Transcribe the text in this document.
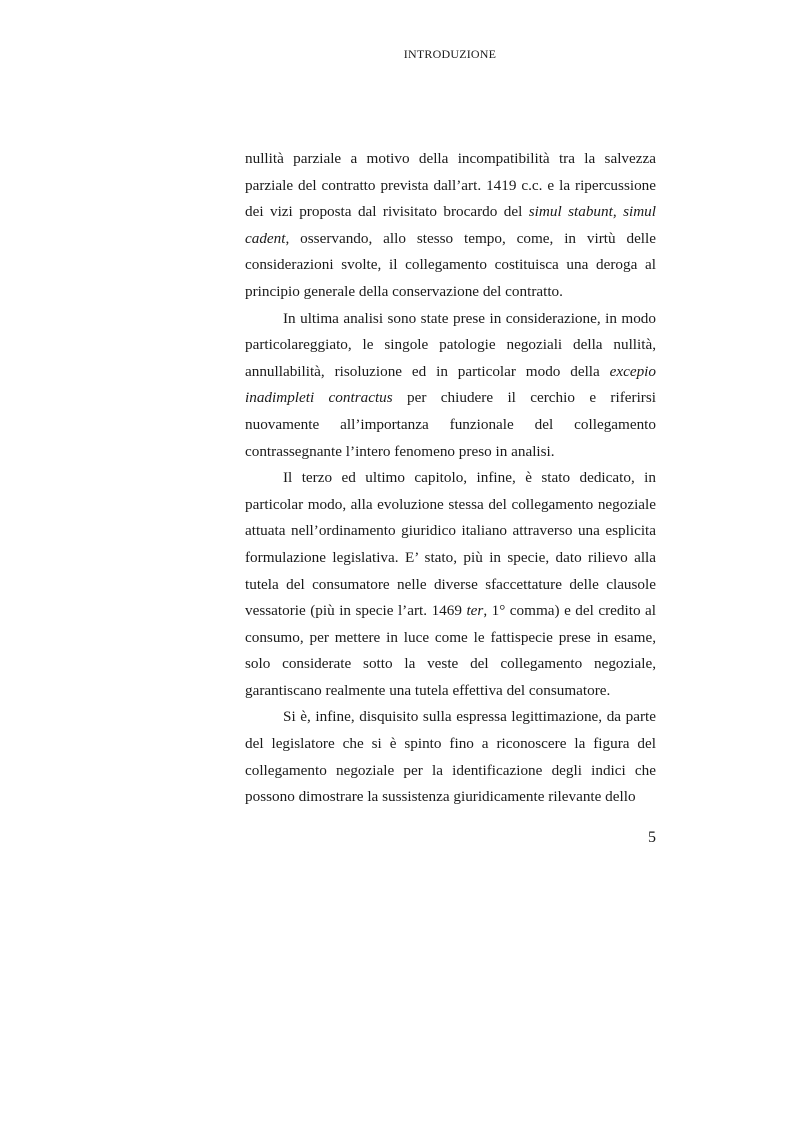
INTRODUZIONE

nullità parziale a motivo della incompatibilità tra la salvezza parziale del contratto prevista dall’art. 1419 c.c. e la ripercussione dei vizi proposta dal rivisitato brocardo del simul stabunt, simul cadent, osservando, allo stesso tempo, come, in virtù delle considerazioni svolte, il collegamento costituisca una deroga al principio generale della conservazione del contratto.

In ultima analisi sono state prese in considerazione, in modo particolareggiato, le singole patologie negoziali della nullità, annullabilità, risoluzione ed in particolar modo della excepio inadimpleti contractus per chiudere il cerchio e riferirsi nuovamente all’importanza funzionale del collegamento contrassegnante l’intero fenomeno preso in analisi.

Il terzo ed ultimo capitolo, infine, è stato dedicato, in particolar modo, alla evoluzione stessa del collegamento negoziale attuata nell’ordinamento giuridico italiano attraverso una esplicita formulazione legislativa. E’ stato, più in specie, dato rilievo alla tutela del consumatore nelle diverse sfaccettature delle clausole vessatorie (più in specie l’art. 1469 ter, 1° comma) e del credito al consumo, per mettere in luce come le fattispecie prese in esame, solo considerate sotto la veste del collegamento negoziale, garantiscano realmente una tutela effettiva del consumatore.

Si è, infine, disquisito sulla espressa legittimazione, da parte del legislatore che si è spinto fino a riconoscere la figura del collegamento negoziale per la identificazione degli indici che possono dimostrare la sussistenza giuridicamente rilevante dello

5
